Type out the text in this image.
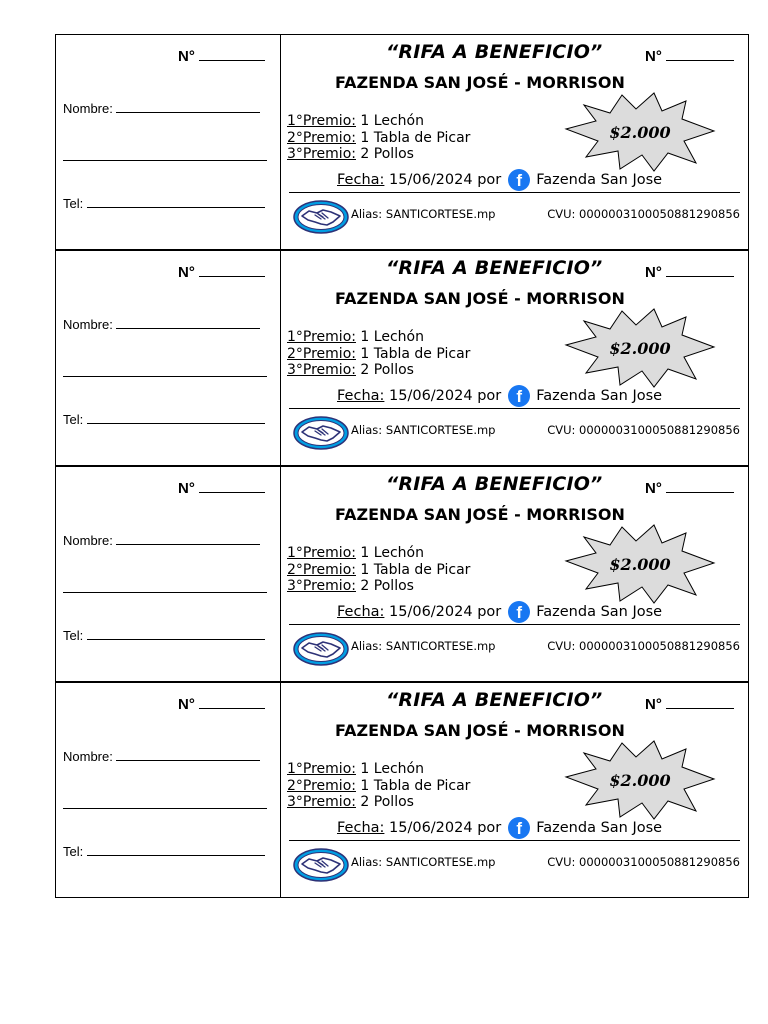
N°
Nombre:
Tel:
“RIFA A BENEFICIO”	N°
FAZENDA SAN JOSÉ - MORRISON
1°Premio: 1 Lechón
2°Premio: 1 Tabla de Picar
3°Premio: 2 Pollos
$2.000
Fecha: 15/06/2024 por f Fazenda San Jose
Alias: SANTICORTESE.mp	CVU: 0000003100050881290856
N°
Nombre:
Tel:
“RIFA A BENEFICIO”	N°
FAZENDA SAN JOSÉ - MORRISON
1°Premio: 1 Lechón
2°Premio: 1 Tabla de Picar
3°Premio: 2 Pollos
$2.000
Fecha: 15/06/2024 por f Fazenda San Jose
Alias: SANTICORTESE.mp	CVU: 0000003100050881290856
N°
Nombre:
Tel:
“RIFA A BENEFICIO”	N°
FAZENDA SAN JOSÉ - MORRISON
1°Premio: 1 Lechón
2°Premio: 1 Tabla de Picar
3°Premio: 2 Pollos
$2.000
Fecha: 15/06/2024 por f Fazenda San Jose
Alias: SANTICORTESE.mp	CVU: 0000003100050881290856
N°
Nombre:
Tel:
“RIFA A BENEFICIO”	N°
FAZENDA SAN JOSÉ - MORRISON
1°Premio: 1 Lechón
2°Premio: 1 Tabla de Picar
3°Premio: 2 Pollos
$2.000
Fecha: 15/06/2024 por f Fazenda San Jose
Alias: SANTICORTESE.mp	CVU: 0000003100050881290856
